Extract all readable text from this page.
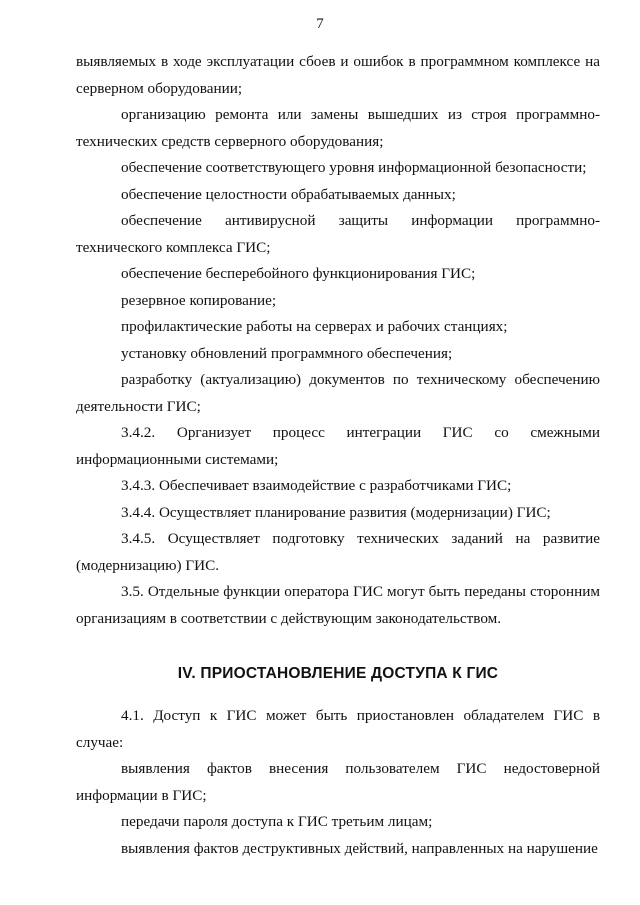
7

выявляемых в ходе эксплуатации сбоев и ошибок в программном комплексе на серверном оборудовании;

организацию ремонта или замены вышедших из строя программно-технических средств серверного оборудования;

обеспечение соответствующего уровня информационной безопасности;

обеспечение целостности обрабатываемых данных;

обеспечение антивирусной защиты информации программно-технического комплекса ГИС;

обеспечение бесперебойного функционирования ГИС;

резервное копирование;

профилактические работы на серверах и рабочих станциях;

установку обновлений программного обеспечения;

разработку (актуализацию) документов по техническому обеспечению деятельности ГИС;

3.4.2. Организует процесс интеграции ГИС со смежными информационными системами;

3.4.3. Обеспечивает взаимодействие с разработчиками ГИС;

3.4.4. Осуществляет планирование развития (модернизации) ГИС;

3.4.5. Осуществляет подготовку технических заданий на развитие (модернизацию) ГИС.

3.5. Отдельные функции оператора ГИС могут быть переданы сторонним организациям в соответствии с действующим законодательством.

IV. ПРИОСТАНОВЛЕНИЕ ДОСТУПА К ГИС

4.1. Доступ к ГИС может быть приостановлен обладателем ГИС в случае:

выявления фактов внесения пользователем ГИС недостоверной информации в ГИС;

передачи пароля доступа к ГИС третьим лицам;

выявления фактов деструктивных действий, направленных на нарушение
